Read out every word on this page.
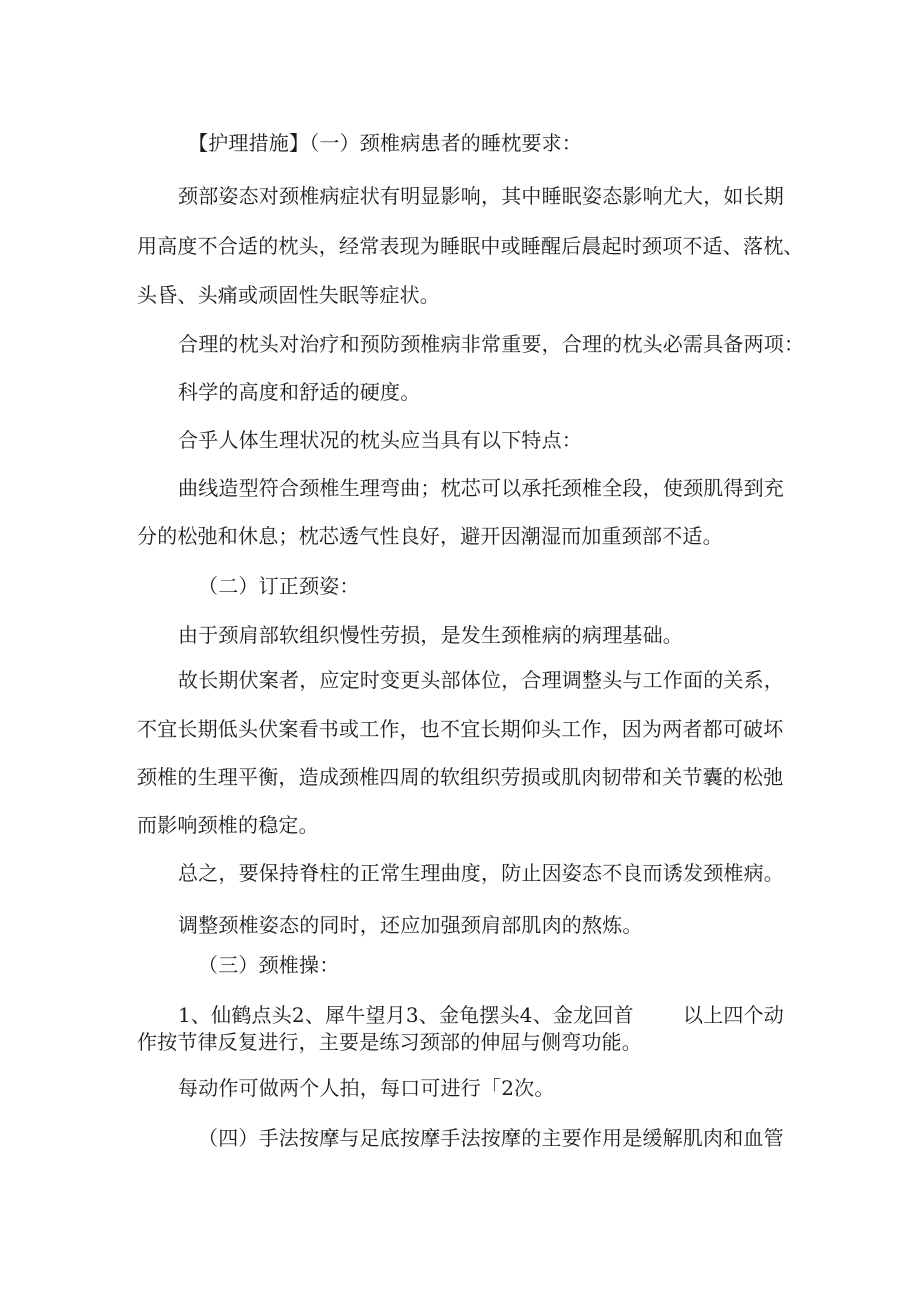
【护理措施】（一）颈椎病患者的睡枕要求：
颈部姿态对颈椎病症状有明显影响，其中睡眠姿态影响尤大，如长期
用高度不合适的枕头，经常表现为睡眠中或睡醒后晨起时颈项不适、落枕、
头昏、头痛或顽固性失眠等症状。
合理的枕头对治疗和预防颈椎病非常重要，合理的枕头必需具备两项：
科学的高度和舒适的硬度。
合乎人体生理状况的枕头应当具有以下特点：
曲线造型符合颈椎生理弯曲；枕芯可以承托颈椎全段，使颈肌得到充
分的松弛和休息；枕芯透气性良好，避开因潮湿而加重颈部不适。
（二）订正颈姿：
由于颈肩部软组织慢性劳损，是发生颈椎病的病理基础。
故长期伏案者，应定时变更头部体位，合理调整头与工作面的关系，
不宜长期低头伏案看书或工作，也不宜长期仰头工作，因为两者都可破坏
颈椎的生理平衡，造成颈椎四周的软组织劳损或肌肉韧带和关节囊的松弛
而影响颈椎的稳定。
总之，要保持脊柱的正常生理曲度，防止因姿态不良而诱发颈椎病。
调整颈椎姿态的同时，还应加强颈肩部肌肉的熬炼。
（三）颈椎操：
1、仙鹤点头2、犀牛望月3、金龟摆头4、金龙回首 以上四个动
作按节律反复进行，主要是练习颈部的伸屈与侧弯功能。
每动作可做两个人拍，每口可进行「2次。
（四）手法按摩与足底按摩手法按摩的主要作用是缓解肌肉和血管
